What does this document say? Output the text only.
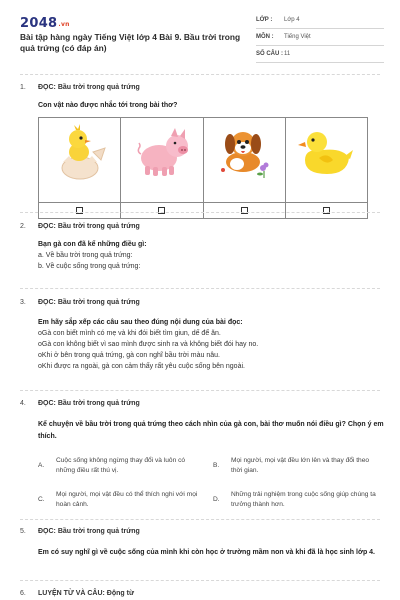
2048.vn
Bài tập hàng ngày Tiếng Việt lớp 4 Bài 9. Bầu trời trong quả trứng (có đáp án)
LỚP :	Lớp 4
MÔN :	Tiếng Việt
SỐ CÂU : 11
1.	ĐỌC: Bầu trời trong quả trứng
Con vật nào được nhắc tới trong bài thơ?
2.	ĐỌC: Bầu trời trong quả trứng
Bạn gà con đã kể những điều gì:
a. Về bầu trời trong quả trứng:
b. Về cuộc sống trong quả trứng:
3.	ĐỌC: Bầu trời trong quả trứng
Em hãy sắp xếp các câu sau theo đúng nội dung của bài đọc:
oGà con biết mình có mẹ và khi đói biết tìm giun, dế để ăn.
oGà con không biết vì sao mình được sinh ra và không biết đói hay no.
oKhi ở bên trong quả trứng, gà con nghĩ bầu trời màu nâu.
oKhi được ra ngoài, gà con cảm thấy rất yêu cuộc sống bên ngoài.
4.	ĐỌC: Bầu trời trong quả trứng
Kể chuyện về bầu trời trong quả trứng theo cách nhìn của gà con, bài thơ muốn nói điều gì? Chọn ý em thích.
A.	Cuộc sống không ngừng thay đổi và luôn có những điều rất thú vị.	B.	Mọi người, mọi vật đều lớn lên và thay đổi theo thời gian.
C.	Mọi người, mọi vật đều có thể thích nghi với mọi hoàn cảnh.	D.	Những trải nghiệm trong cuộc sống giúp chúng ta trưởng thành hơn.
5.	ĐỌC: Bầu trời trong quả trứng
Em có suy nghĩ gì về cuộc sống của mình khi còn học ở trường mầm non và khi đã là học sinh lớp 4.
6.	LUYỆN TỪ VÀ CÂU: Động từ
